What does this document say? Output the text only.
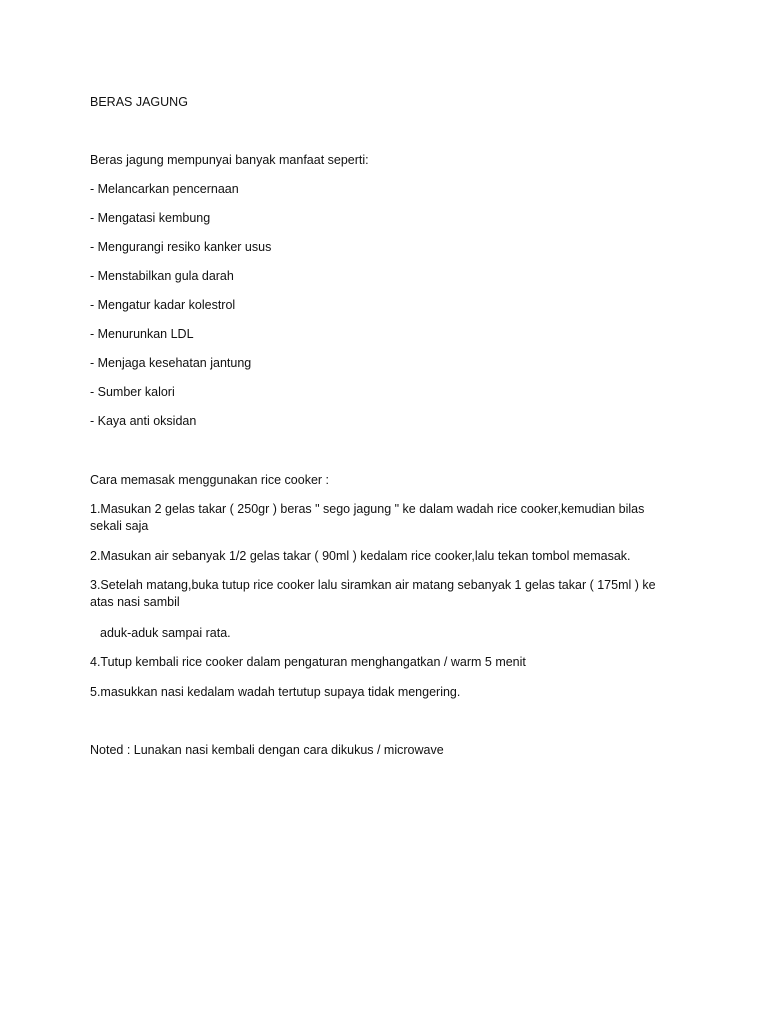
BERAS JAGUNG
Beras jagung mempunyai banyak manfaat seperti:
- Melancarkan pencernaan
- Mengatasi kembung
- Mengurangi resiko kanker usus
- Menstabilkan gula darah
- Mengatur kadar kolestrol
- Menurunkan LDL
- Menjaga kesehatan jantung
- Sumber kalori
- Kaya anti oksidan
Cara memasak menggunakan rice cooker :
1.Masukan 2 gelas takar ( 250gr ) beras " sego jagung " ke dalam wadah rice cooker,kemudian bilas sekali saja
2.Masukan air sebanyak 1/2 gelas takar ( 90ml ) kedalam rice cooker,lalu tekan tombol memasak.
3.Setelah matang,buka tutup rice cooker lalu siramkan air matang sebanyak 1 gelas takar ( 175ml ) ke atas nasi sambil
aduk-aduk sampai rata.
4.Tutup kembali rice cooker dalam pengaturan menghangatkan / warm 5 menit
5.masukkan nasi kedalam wadah tertutup supaya tidak mengering.
Noted : Lunakan nasi kembali dengan cara dikukus / microwave
